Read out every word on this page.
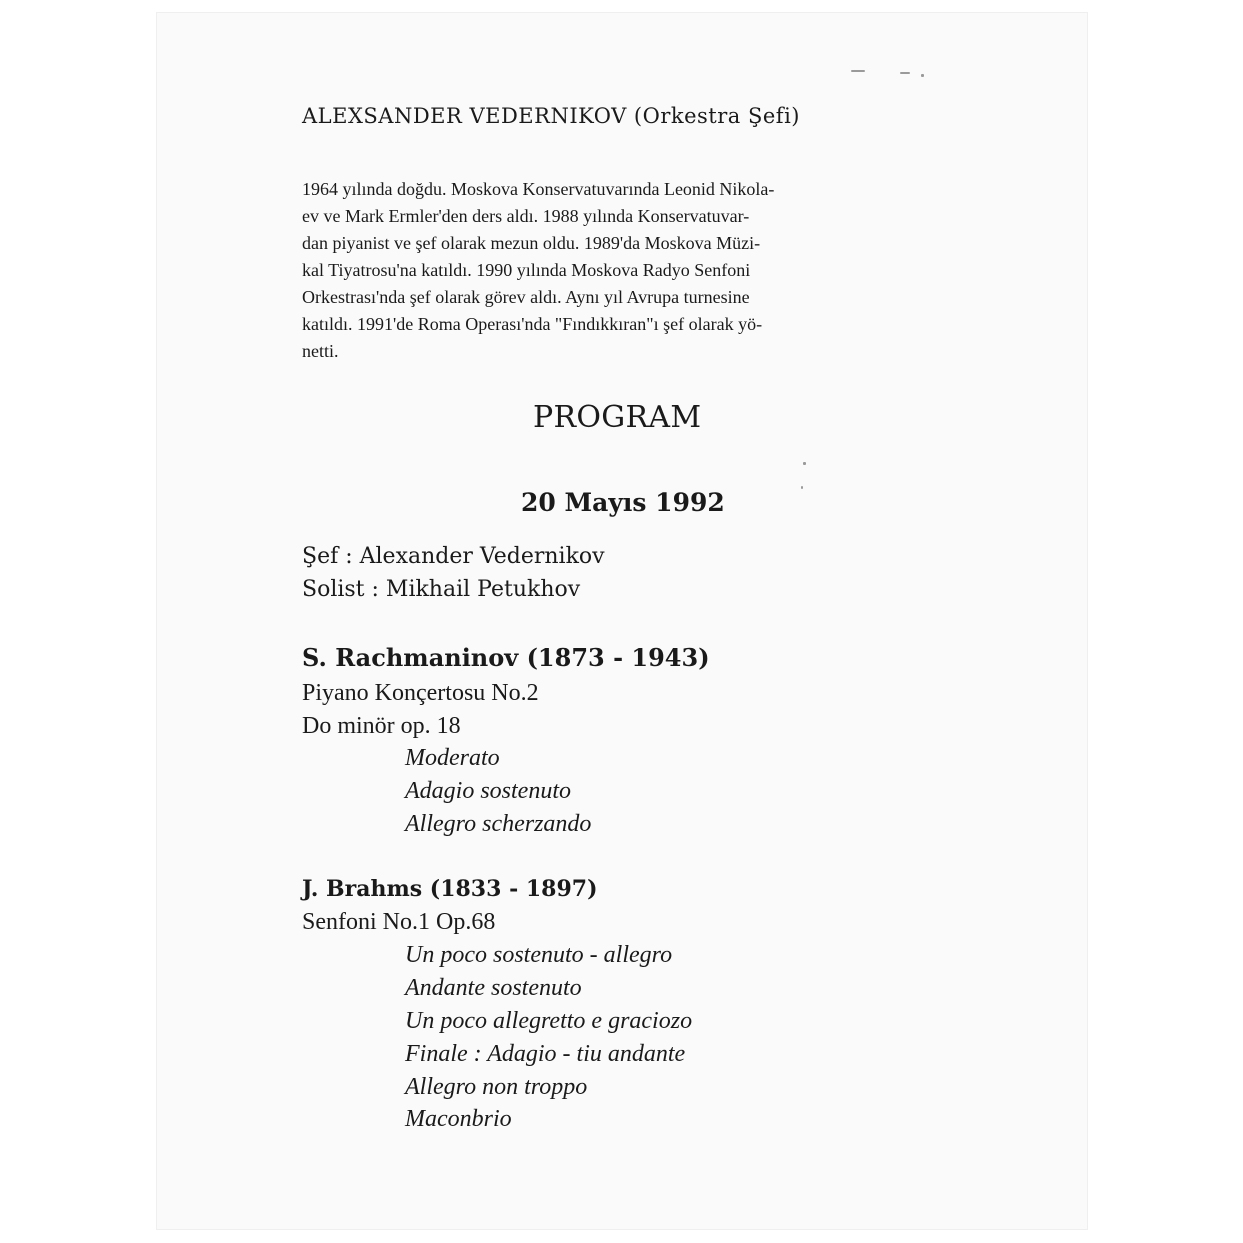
ALEXSANDER VEDERNIKOV (Orkestra Şefi)
1964 yılında doğdu. Moskova Konservatuvarında Leonid Nikola-
ev ve Mark Ermler'den ders aldı. 1988 yılında Konservatuvar-
dan piyanist ve şef olarak mezun oldu. 1989'da Moskova Müzi-
kal Tiyatrosu'na katıldı. 1990 yılında Moskova Radyo Senfoni
Orkestrası'nda şef olarak görev aldı. Aynı yıl Avrupa turnesine
katıldı. 1991'de Roma Operası'nda "Fındıkkıran"ı şef olarak yö-
netti.
PROGRAM
20 Mayıs 1992
Şef : Alexander Vedernikov
Solist : Mikhail Petukhov
S. Rachmaninov (1873 - 1943)
Piyano Konçertosu No.2
Do minör op. 18
Moderato
Adagio sostenuto
Allegro scherzando
J. Brahms (1833 - 1897)
Senfoni No.1 Op.68
Un poco sostenuto - allegro
Andante sostenuto
Un poco allegretto e graciozo
Finale : Adagio - tiu andante
Allegro non troppo
Maconbrio
